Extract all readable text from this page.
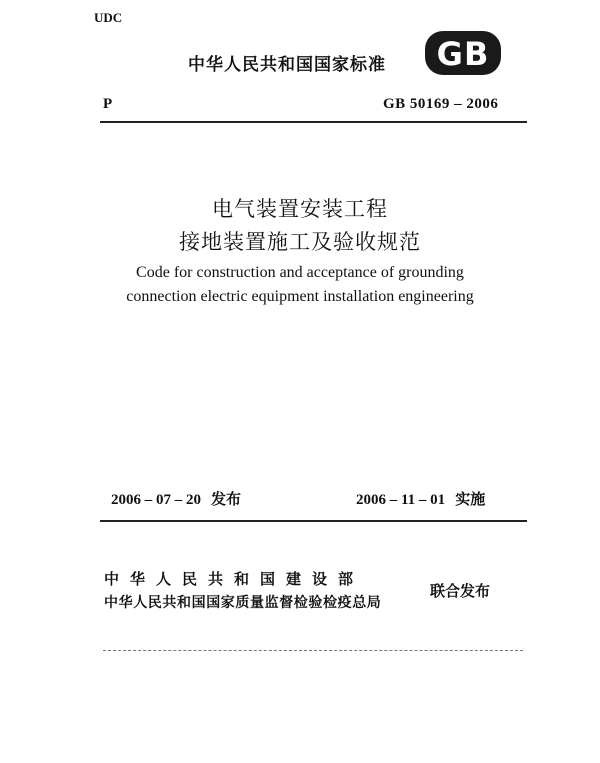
UDC
中华人民共和国国家标准 GB
P	GB 50169 – 2006
电气装置安装工程
接地装置施工及验收规范
Code for construction and acceptance of grounding
connection electric equipment installation engineering
2006 – 07 – 20 发布	2006 – 11 – 01 实施
中华人民共和国建设部
中华人民共和国国家质量监督检验检疫总局
联合发布
